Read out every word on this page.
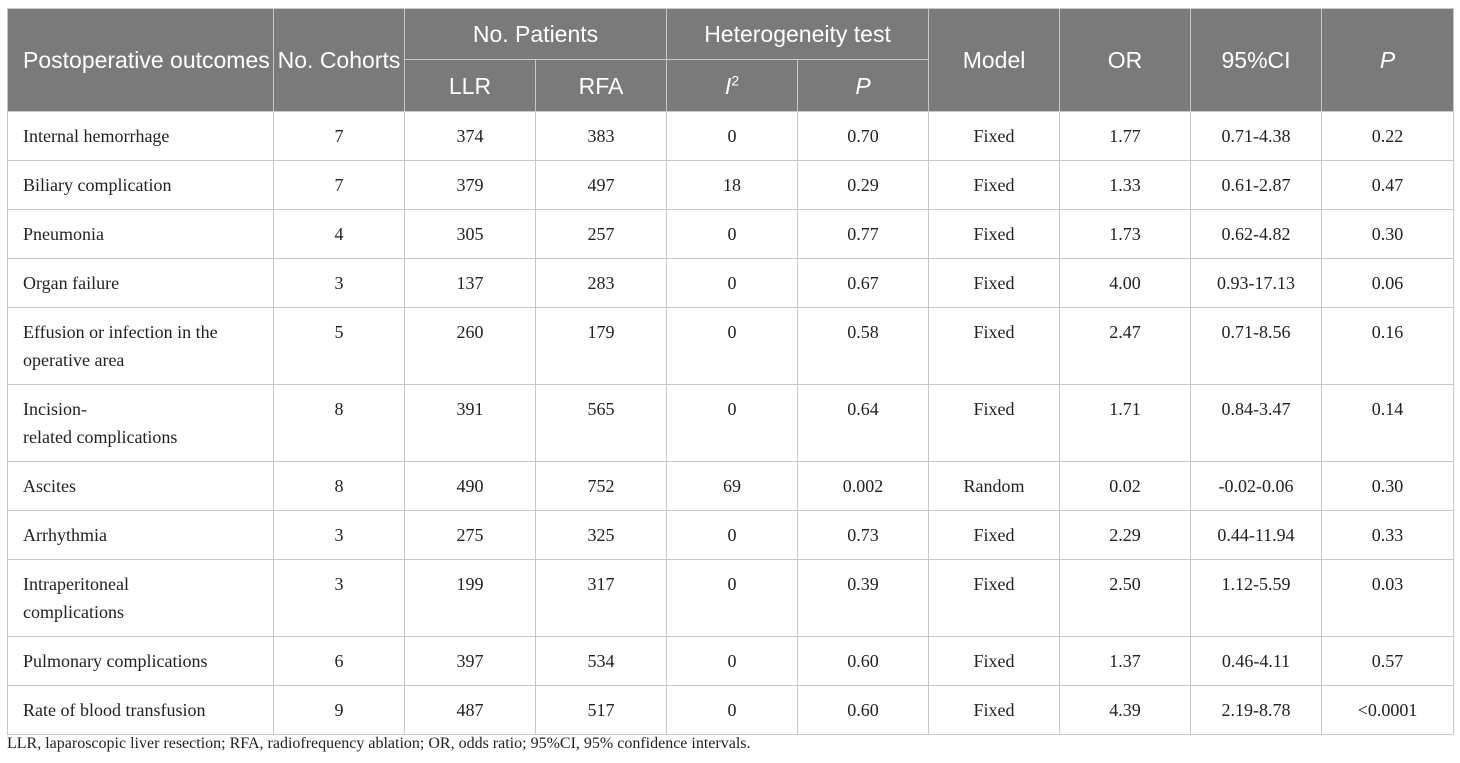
Postoperative outcomes	No. Cohorts	No. Patients		Heterogeneity test		Model	OR	95%CI	P
		LLR	RFA	$I^2$	P				

Internal hemorrhage	7	374	383	0	0.70	Fixed	1.77	0.71-4.38	0.22

Biliary complication	7	379	497	18	0.29	Fixed	1.33	0.61-2.87	0.47

Pneumonia	4	305	257	0	0.77	Fixed	1.73	0.62-4.82	0.30

Organ failure	3	137	283	0	0.67	Fixed	4.00	0.93-17.13	0.06

Effusion or infection in the
operative area	5	260	179	0	0.58	Fixed	2.47	0.71-8.56	0.16

Incision-
related complications	8	391	565	0	0.64	Fixed	1.71	0.84-3.47	0.14

Ascites	8	490	752	69	0.002	Random	0.02	-0.02-0.06	0.30

Arrhythmia	3	275	325	0	0.73	Fixed	2.29	0.44-11.94	0.33

Intraperitoneal
complications	3	199	317	0	0.39	Fixed	2.50	1.12-5.59	0.03

Pulmonary complications	6	397	534	0	0.60	Fixed	1.37	0.46-4.11	0.57

Rate of blood transfusion	9	487	517	0	0.60	Fixed	4.39	2.19-8.78	<0.0001
LLR, laparoscopic liver resection; RFA, radiofrequency ablation; OR, odds ratio; 95%CI, 95% confidence intervals.
